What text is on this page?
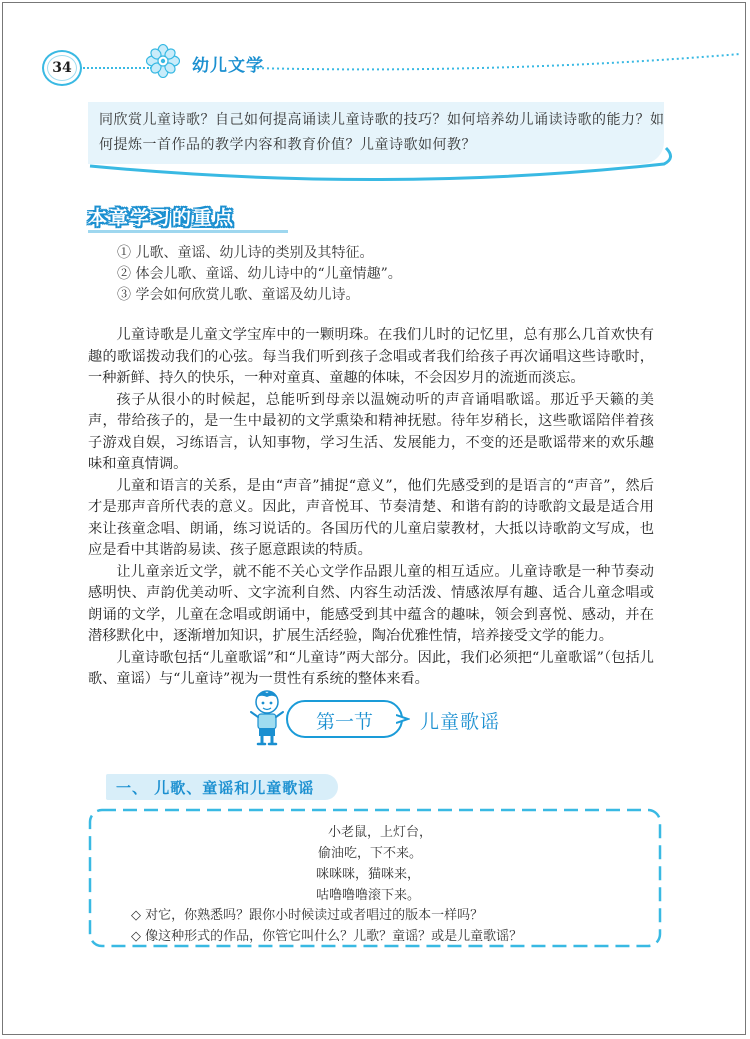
34	幼儿文学
同欣赏儿童诗歌？自己如何提高诵读儿童诗歌的技巧？如何培养幼儿诵读诗歌的能力？如何提炼一首作品的教学内容和教育价值？儿童诗歌如何教？
本章学习的重点
① 儿歌、童谣、幼儿诗的类别及其特征。
② 体会儿歌、童谣、幼儿诗中的“儿童情趣”。
③ 学会如何欣赏儿歌、童谣及幼儿诗。

儿童诗歌是儿童文学宝库中的一颗明珠。在我们儿时的记忆里，总有那么几首欢快有趣的歌谣拨动我们的心弦。每当我们听到孩子念唱或者我们给孩子再次诵唱这些诗歌时，一种新鲜、持久的快乐，一种对童真、童趣的体味，不会因岁月的流逝而淡忘。

孩子从很小的时候起，总能听到母亲以温婉动听的声音诵唱歌谣。那近乎天籁的美声，带给孩子的，是一生中最初的文学熏染和精神抚慰。待年岁稍长，这些歌谣陪伴着孩子游戏自娱，习练语言，认知事物，学习生活、发展能力，不变的还是歌谣带来的欢乐趣味和童真情调。

儿童和语言的关系，是由“声音”捕捉“意义”，他们先感受到的是语言的“声音”，然后才是那声音所代表的意义。因此，声音悦耳、节奏清楚、和谐有韵的诗歌韵文最是适合用来让孩童念唱、朗诵，练习说话的。各国历代的儿童启蒙教材，大抵以诗歌韵文写成，也应是看中其谐韵易读、孩子愿意跟读的特质。

让儿童亲近文学，就不能不关心文学作品跟儿童的相互适应。儿童诗歌是一种节奏动感明快、声韵优美动听、文字流利自然、内容生动活泼、情感浓厚有趣、适合儿童念唱或朗诵的文学，儿童在念唱或朗诵中，能感受到其中蕴含的趣味，领会到喜悦、感动，并在潜移默化中，逐渐增加知识，扩展生活经验，陶冶优雅性情，培养接受文学的能力。

儿童诗歌包括“儿童歌谣”和“儿童诗”两大部分。因此，我们必须把“儿童歌谣”（包括儿歌、童谣）与“儿童诗”视为一贯性有系统的整体来看。

第一节	儿童歌谣
一、 儿歌、童谣和儿童歌谣
小老鼠，上灯台，
偷油吃，下不来。
咪咪咪，猫咪来，
咕噜噜噜滚下来。
◇ 对它，你熟悉吗？跟你小时候读过或者唱过的版本一样吗？
◇ 像这种形式的作品，你管它叫什么？儿歌？童谣？或是儿童歌谣？
